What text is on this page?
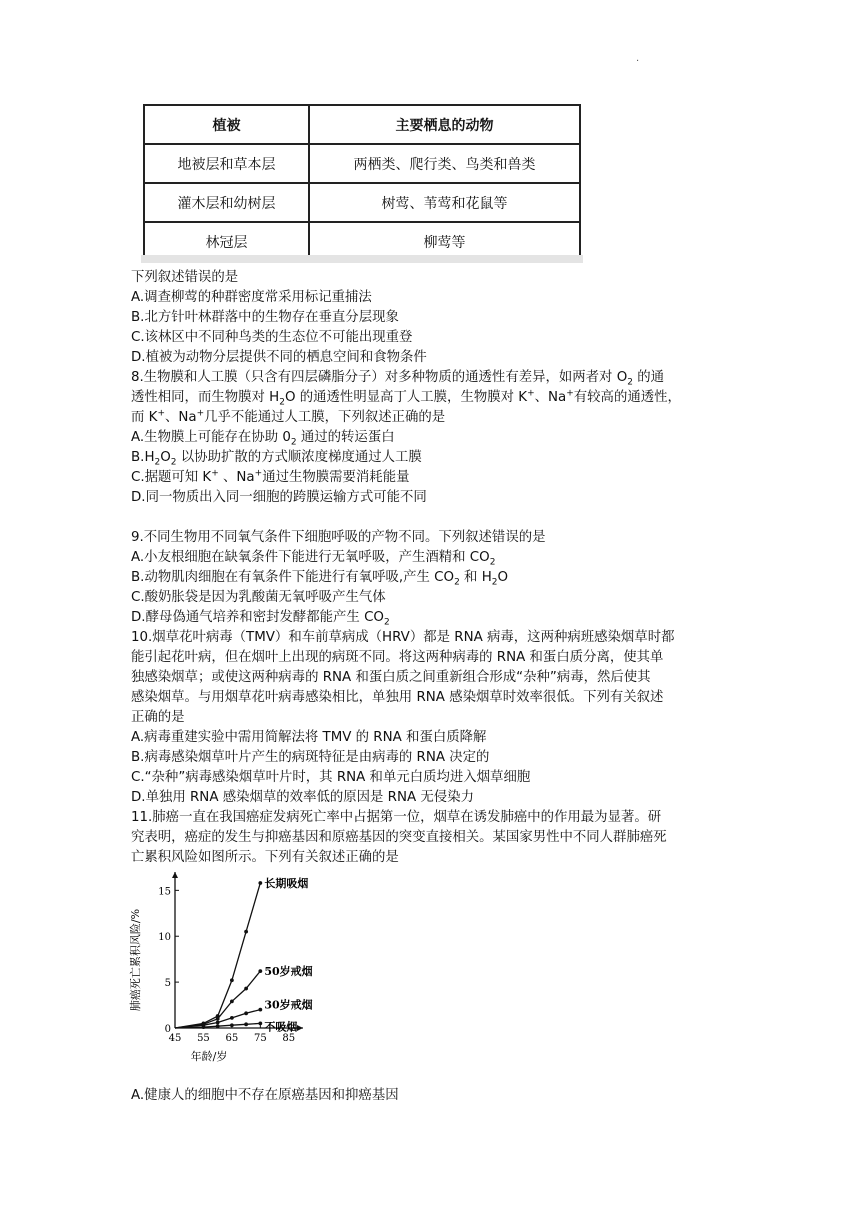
·
植被	主要栖息的动物
地被层和草本层	两栖类、爬行类、鸟类和兽类
灌木层和幼树层	树莺、苇莺和花鼠等
林冠层	柳莺等
下列叙述错误的是
A.调查柳莺的种群密度常采用标记重捕法
B.北方针叶林群落中的生物存在垂直分层现象
C.该林区中不同种鸟类的生态位不可能出现重登
D.植被为动物分层提供不同的栖息空间和食物条件
8.生物膜和人工膜（只含有四层磷脂分子）对多种物质的通透性有差异，如两者对 $O_2$ 的通
透性相同，而生物膜对 $H_2O$ 的通透性明显高丁人工膜，生物膜对 K+、Na+有较高的通透性，
而 K+、Na+几乎不能通过人工膜，下列叙述正确的是
A.生物膜上可能存在协助 $0_2$ 通过的转运蛋白
$B.H_2O_2$ 以协助扩散的方式顺浓度梯度通过人工膜
C.据题可知 K+ 、Na+通过生物膜需要消耗能量
D.同一物质出入同一细胞的跨膜运输方式可能不同
9.不同生物用不同氧气条件下细胞呼吸的产物不同。下列叙述错误的是
A.小友根细胞在缺氧条件下能进行无氧呼吸，产生酒精和 $CO_2$
B.动物肌肉细胞在有氧条件下能进行有氧呼吸,产生 $CO_2$ 和 $H_2O$
C.酸奶胀袋是因为乳酸菌无氧呼吸产生气体
D.酵母偽通气培养和密封发酵都能产生 $CO_2$
10.烟草花叶病毒（TMV）和车前草病成（HRV）都是 RNA 病毒，这两种病班感染烟草时都
能引起花叶病，但在烟叶上出现的病斑不同。将这两种病毒的 RNA 和蛋白质分离，使其单
独感染烟草；或使这两种病毒的 RNA 和蛋白质之间重新组合形成“杂种”病毒，然后使其
感染烟草。与用烟草花叶病毒感染相比，单独用 RNA 感染烟草时效率很低。下列有关叙述
正确的是
A.病毒重建实验中需用简解法将 TMV 的 RNA 和蛋白质降解
B.病毒感染烟草叶片产生的病斑特征是由病毒的 RNA 决定的
C.“杂种”病毒感染烟草叶片时，其 RNA 和单元白质均进入烟草细胞
D.单独用 RNA 感染烟草的效率低的原因是 RNA 无侵染力
11.肺癌一直在我国癌症发病死亡率中占据第一位，烟草在诱发肺癌中的作用最为显著。研
究表明，癌症的发生与抑癌基因和原癌基因的突变直接相关。某国家男性中不同人群肺癌死
亡累积风险如图所示。下列有关叙述正确的是
0
5
10
15
45 55 65 75 85
长期吸烟
50岁戒烟
30岁戒烟
不吸烟
肺癌死亡累积风险/%
年龄/岁
A.健康人的细胞中不存在原癌基因和抑癌基因
